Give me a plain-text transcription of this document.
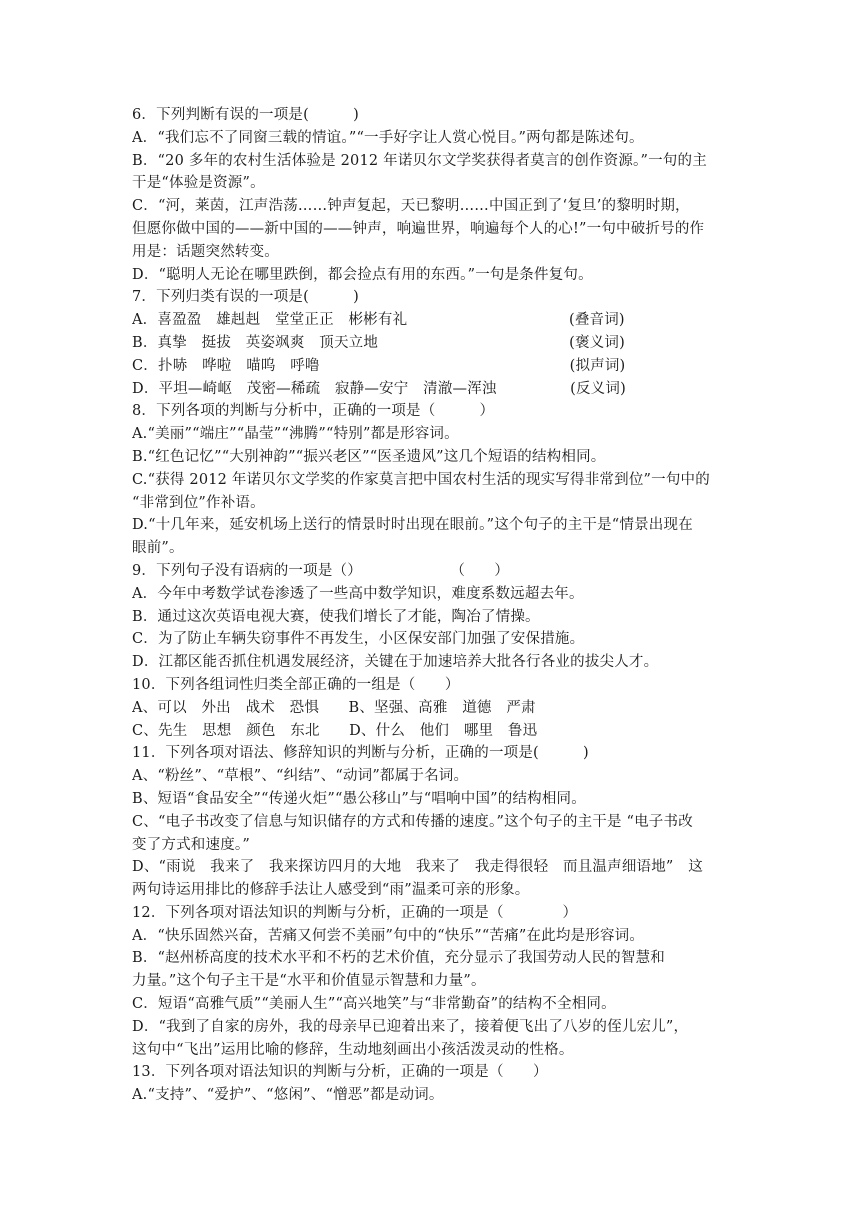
6．下列判断有误的一项是(　　　)
A．“我们忘不了同窗三载的情谊。”“一手好字让人赏心悦目。”两句都是陈述句。
B．“20 多年的农村生活体验是 2012 年诺贝尔文学奖获得者莫言的创作资源。”一句的主
干是“体验是资源”。
C．“河，莱茵，江声浩荡……钟声复起，天已黎明……中国正到了‘复旦’的黎明时期，
但愿你做中国的——新中国的——钟声，响遍世界，响遍每个人的心!”一句中破折号的作
用是：话题突然转变。
D．“聪明人无论在哪里跌倒，都会捡点有用的东西。”一句是条件复句。
7．下列归类有误的一项是(　　　)
A．喜盈盈　雄赳赳　堂堂正正　彬彬有礼　　　　　　　　　　　(叠音词)
B．真挚　挺拔　英姿飒爽　顶天立地　　　　　　　　　　　　　(褒义词)
C．扑哧　哗啦　喵呜　呼噜　　　　　　　　　　　　　　　　　(拟声词)
D．平坦—崎岖　茂密—稀疏　寂静—安宁　清澈—浑浊　　　　　(反义词)
8．下列各项的判断与分析中，正确的一项是（　　　）
A.“美丽”“端庄”“晶莹”“沸腾”“特别”都是形容词。
B.“红色记忆”“大别神韵”“振兴老区”“医圣遗风”这几个短语的结构相同。
C.“获得 2012 年诺贝尔文学奖的作家莫言把中国农村生活的现实写得非常到位”一句中的
“非常到位”作补语。
D.“十几年来，延安机场上送行的情景时时出现在眼前。”这个句子的主干是“情景出现在
眼前”。
9．下列句子没有语病的一项是（）　　　　　　　（　　）
A．今年中考数学试卷渗透了一些高中数学知识，难度系数远超去年。
B．通过这次英语电视大赛，使我们增长了才能，陶冶了情操。
C．为了防止车辆失窃事件不再发生，小区保安部门加强了安保措施。
D．江都区能否抓住机遇发展经济，关键在于加速培养大批各行各业的拔尖人才。
10．下列各组词性归类全部正确的一组是（　　）
A、可以　外出　战术　恐惧　　B、坚强、高雅　道德　严肃
C、先生　思想　颜色　东北　　D、什么　他们　哪里　鲁迅
11．下列各项对语法、修辞知识的判断与分析，正确的一项是(　　　)
A、“粉丝”、“草根”、“纠结”、“动词”都属于名词。
B、短语“食品安全”“传递火炬”“愚公移山”与“唱响中国”的结构相同。
C、“电子书改变了信息与知识储存的方式和传播的速度。”这个句子的主干是 “电子书改
变了方式和速度。”
D、“雨说　我来了　我来探访四月的大地　我来了　我走得很轻　而且温声细语地”　这
两句诗运用排比的修辞手法让人感受到“雨”温柔可亲的形象。
12．下列各项对语法知识的判断与分析，正确的一项是（　　　　）
A．“快乐固然兴奋，苦痛又何尝不美丽”句中的“快乐”“苦痛”在此均是形容词。
B．“赵州桥高度的技术水平和不朽的艺术价值，充分显示了我国劳动人民的智慧和
力量。”这个句子主干是“水平和价值显示智慧和力量”。
C．短语“高雅气质”“美丽人生”“高兴地笑”与“非常勤奋”的结构不全相同。
D．“我到了自家的房外，我的母亲早已迎着出来了，接着便飞出了八岁的侄儿宏儿”，
这句中“飞出”运用比喻的修辞，生动地刻画出小孩活泼灵动的性格。
13．下列各项对语法知识的判断与分析，正确的一项是（　　）
A.“支持”、“爱护”、“悠闲”、“憎恶”都是动词。
